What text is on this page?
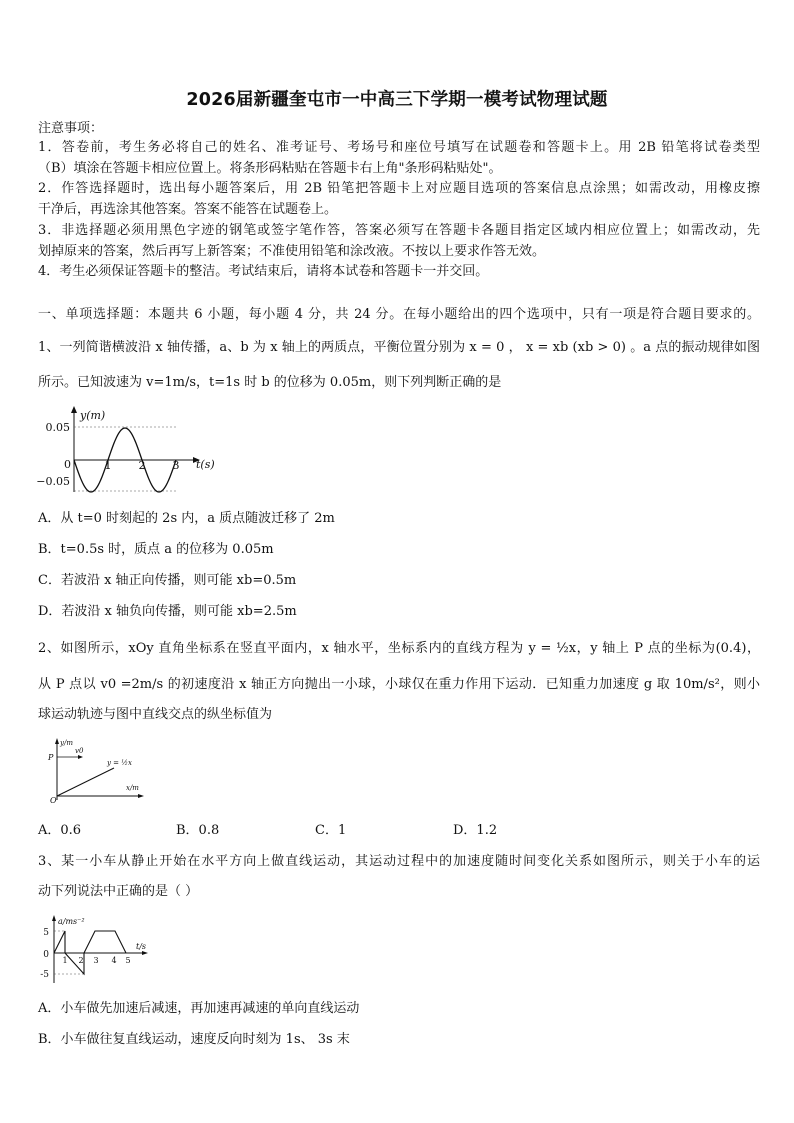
2026届新疆奎屯市一中高三下学期一模考试物理试题
注意事项：
1．答卷前，考生务必将自己的姓名、准考证号、考场号和座位号填写在试题卷和答题卡上。用 2B 铅笔将试卷类型
（B）填涂在答题卡相应位置上。将条形码粘贴在答题卡右上角"条形码粘贴处"。
2．作答选择题时，选出每小题答案后，用 2B 铅笔把答题卡上对应题目选项的答案信息点涂黑；如需改动，用橡皮擦
干净后，再选涂其他答案。答案不能答在试题卷上。
3．非选择题必须用黑色字迹的钢笔或签字笔作答，答案必须写在答题卡各题目指定区域内相应位置上；如需改动，先
划掉原来的答案，然后再写上新答案；不准使用铅笔和涂改液。不按以上要求作答无效。
4．考生必须保证答题卡的整洁。考试结束后，请将本试卷和答题卡一并交回。
一、单项选择题：本题共 6 小题，每小题 4 分，共 24 分。在每小题给出的四个选项中，只有一项是符合题目要求的。
1、一列简谐横波沿 x 轴传播，a、b 为 x 轴上的两质点，平衡位置分别为 x = 0 ， x = xb (xb > 0) 。a 点的振动规律如图
所示。已知波速为 v=1m/s，t=1s 时 b 的位移为 0.05m，则下列判断正确的是
y(m)
0.05
−0.05
0	1 2 3 t(s)
A．从 t=0 时刻起的 2s 内，a 质点随波迁移了 2m
B．t=0.5s 时，质点 a 的位移为 0.05m
C．若波沿 x 轴正向传播，则可能 xb=0.5m
D．若波沿 x 轴负向传播，则可能 xb=2.5m
2、如图所示，xOy 直角坐标系在竖直平面内，x 轴水平，坐标系内的直线方程为 y = ½x，y 轴上 P 点的坐标为(0.4)，
从 P 点以 v0 =2m/s 的初速度沿 x 轴正方向抛出一小球，小球仅在重力作用下运动．已知重力加速度 g 取 10m/s²，则小
球运动轨迹与图中直线交点的纵坐标值为
y/m
P
v0
O
x/m
y = ½x
A．0.6	B．0.8	C．1	D．1.2
3、某一小车从静止开始在水平方向上做直线运动，其运动过程中的加速度随时间变化关系如图所示，则关于小车的运
动下列说法中正确的是（ ）
a/ms⁻²
5
0
-5
1 2 3 4 5
t/s
A．小车做先加速后减速，再加速再减速的单向直线运动
B．小车做往复直线运动，速度反向时刻为 1s、 3s 末
